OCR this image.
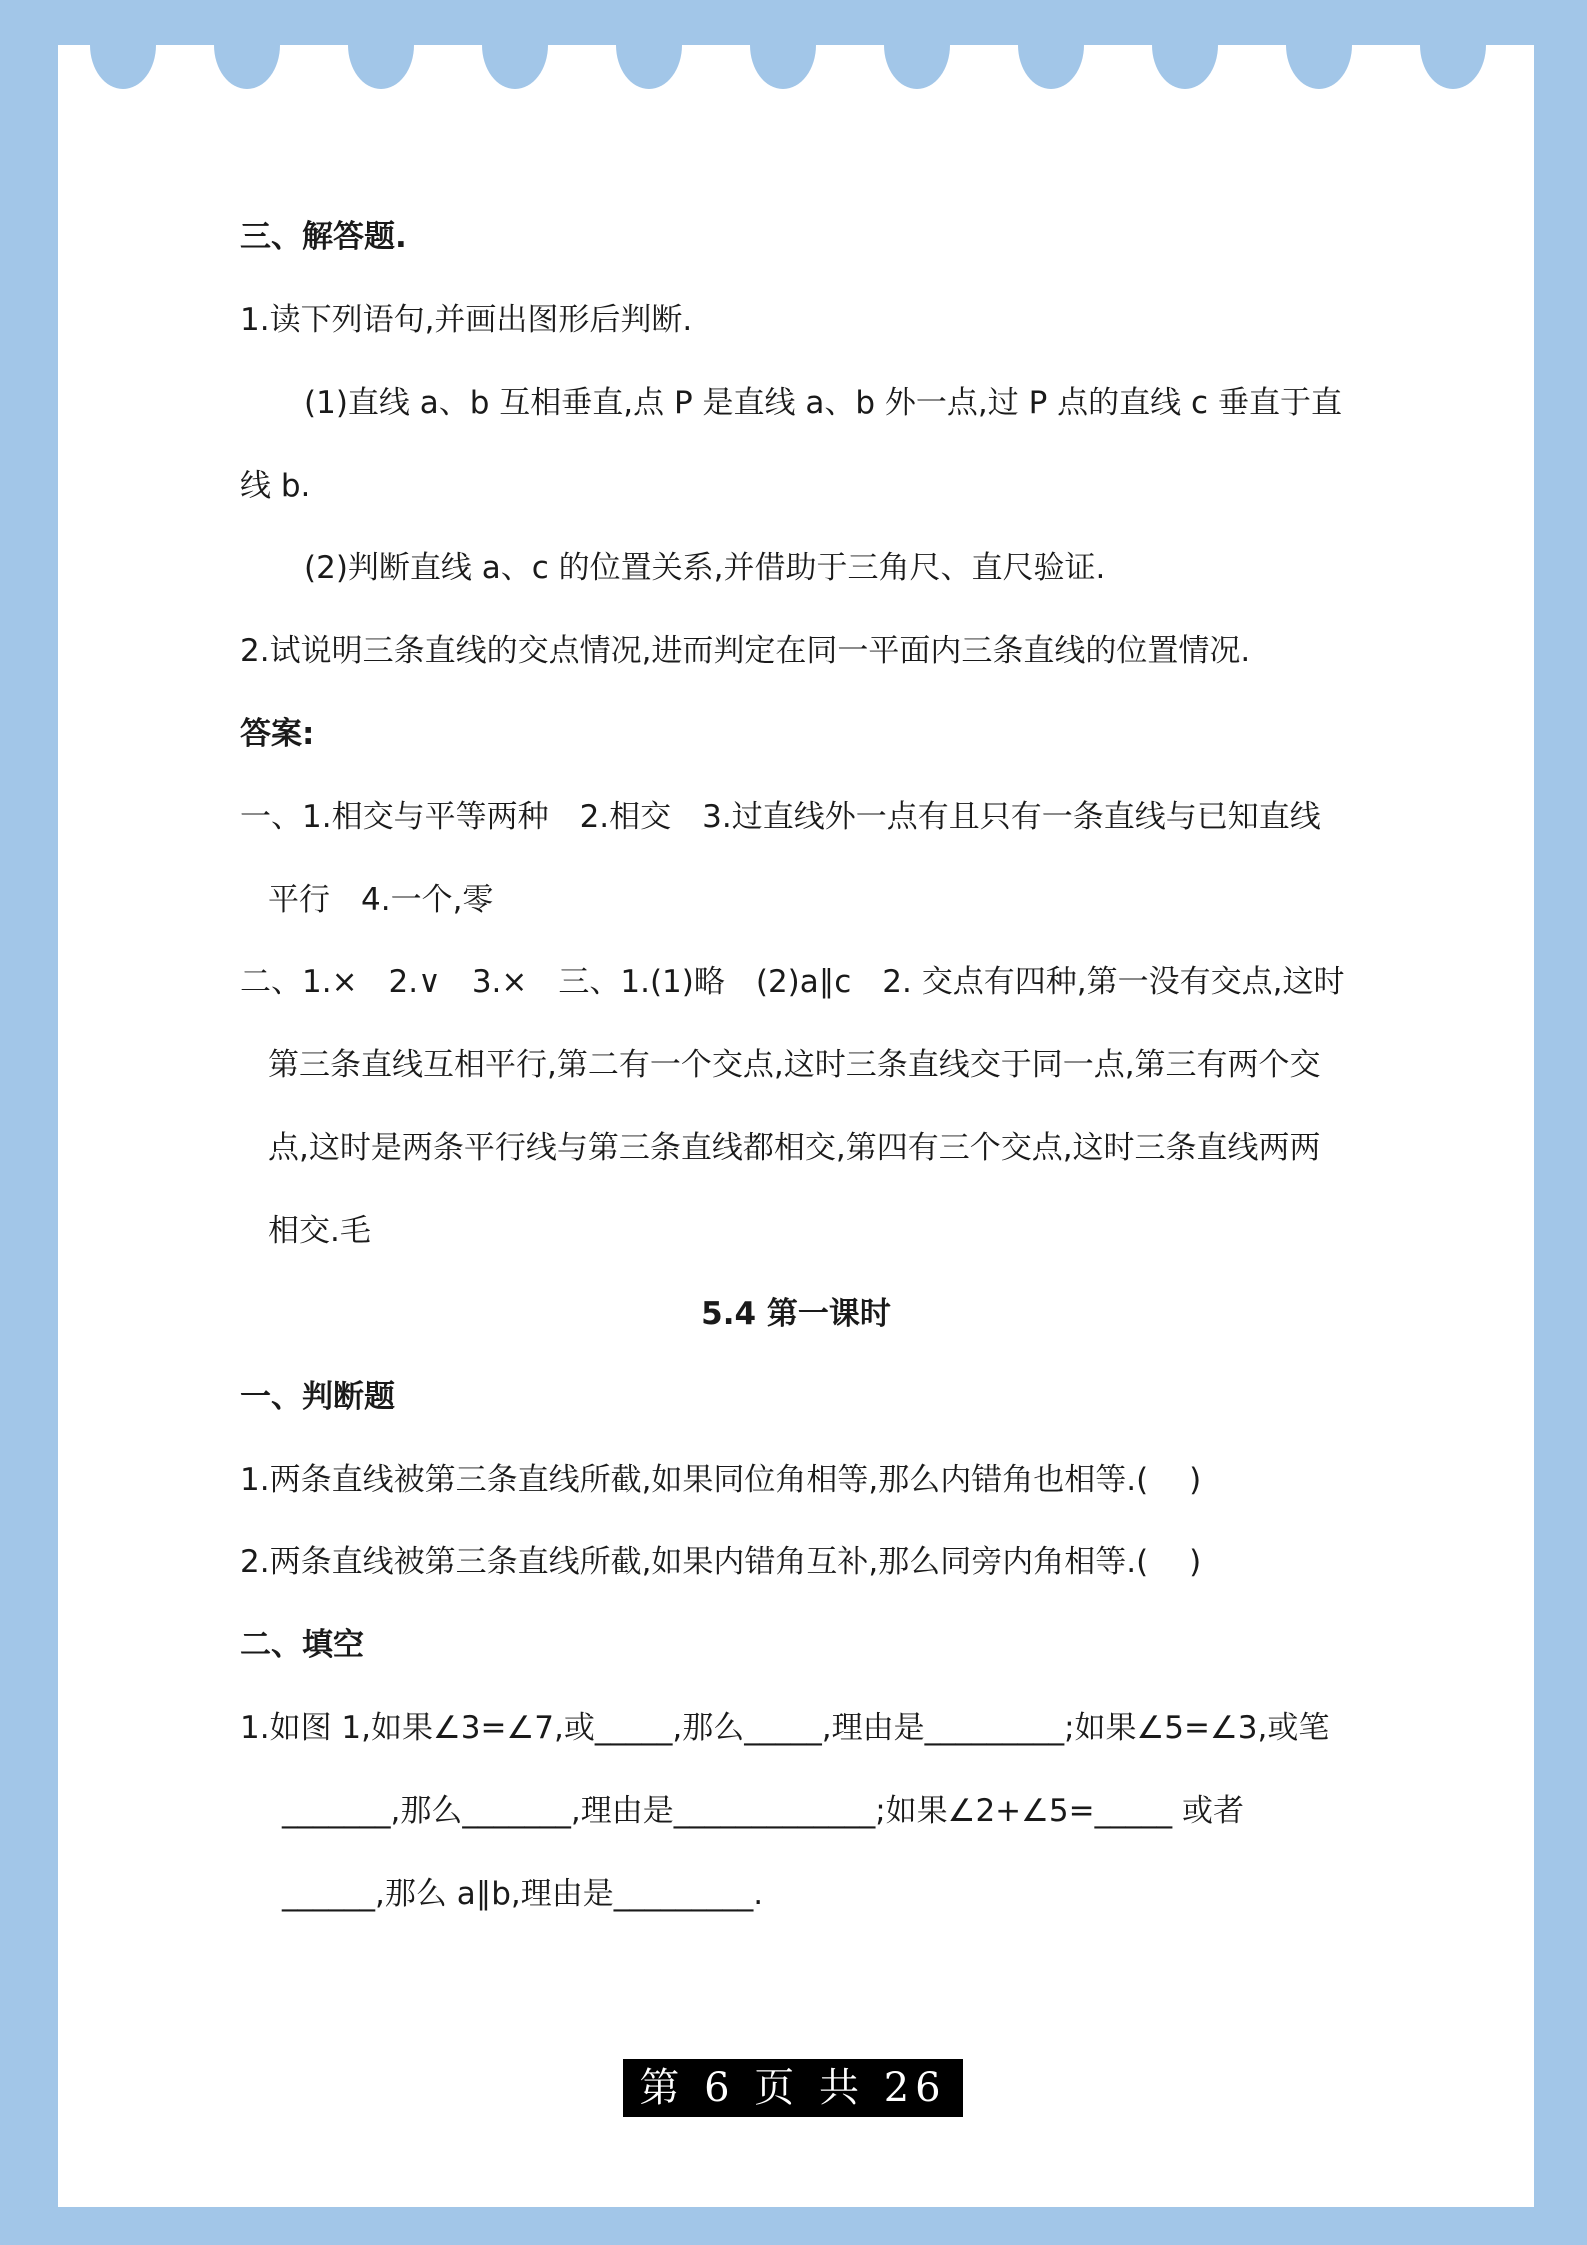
三、解答题.
1.读下列语句,并画出图形后判断.
(1)直线 a、b 互相垂直,点 P 是直线 a、b 外一点,过 P 点的直线 c 垂直于直
线 b.
(2)判断直线 a、c 的位置关系,并借助于三角尺、直尺验证.
2.试说明三条直线的交点情况,进而判定在同一平面内三条直线的位置情况.
答案:
一、1.相交与平等两种　2.相交　3.过直线外一点有且只有一条直线与已知直线
平行　4.一个,零
二、1.×　2.∨　3.×　三、1.(1)略　(2)a∥c　2. 交点有四种,第一没有交点,这时
第三条直线互相平行,第二有一个交点,这时三条直线交于同一点,第三有两个交
点,这时是两条平行线与第三条直线都相交,第四有三个交点,这时三条直线两两
相交.毛
5.4 第一课时
一、判断题
1.两条直线被第三条直线所截,如果同位角相等,那么内错角也相等.(　 )
2.两条直线被第三条直线所截,如果内错角互补,那么同旁内角相等.(　 )
二、填空
1.如图 1,如果∠3=∠7,或_____,那么_____,理由是_________;如果∠5=∠3,或笔
_______,那么_______,理由是_____________;如果∠2+∠5=_____ 或者
______,那么 a∥b,理由是_________.
第 6 页 共 26 页
